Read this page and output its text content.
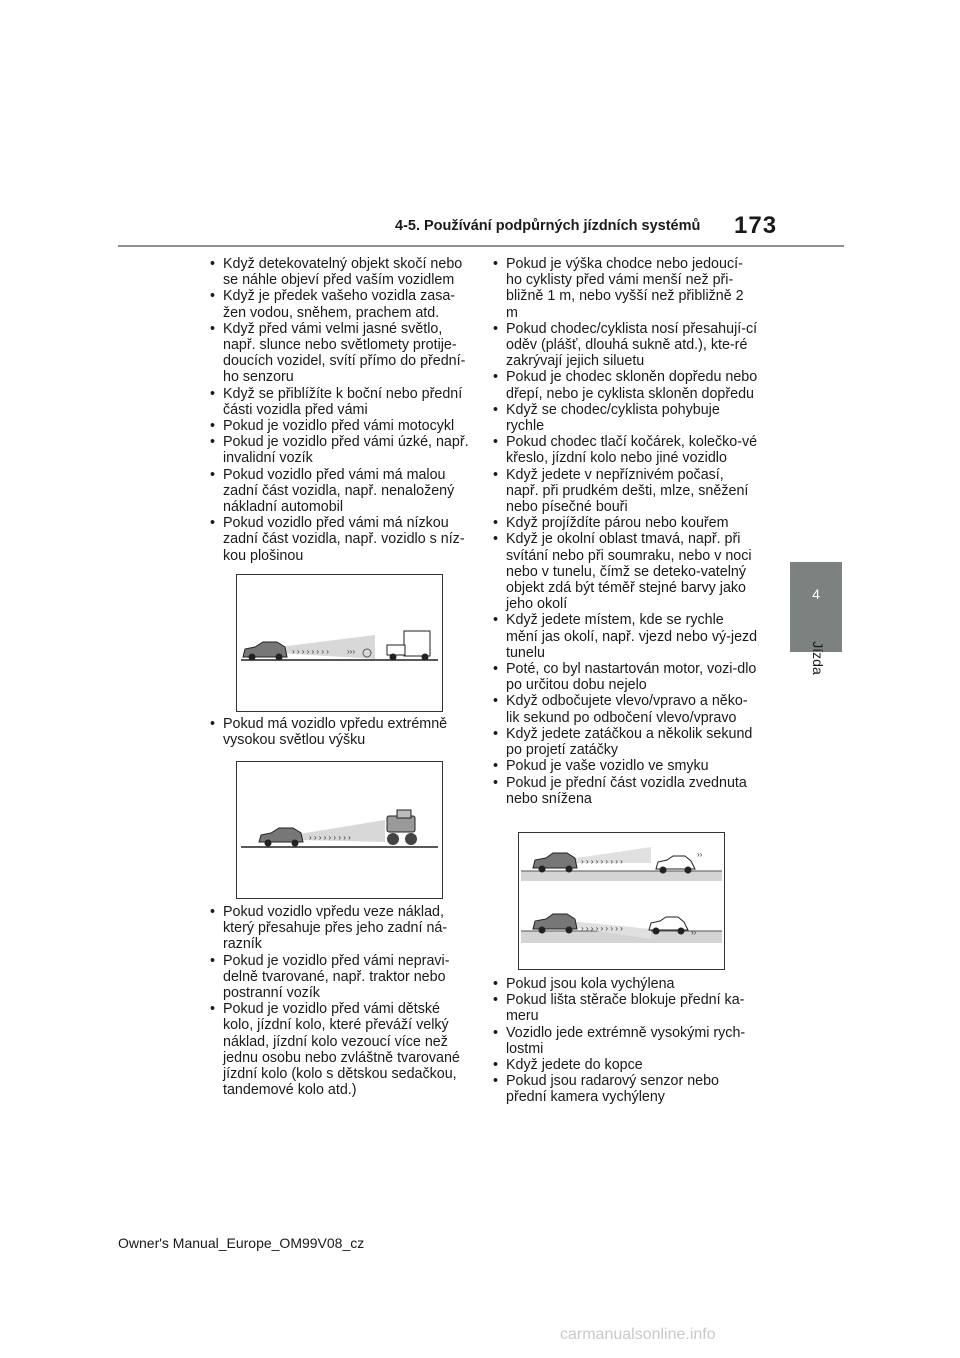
4-5. Používání podpůrných jízdních systémů 173
4
Jízda
• Když detekovatelný objekt skočí nebo se náhle objeví před vaším vozidlem
• Když je předek vašeho vozidla zasa-žen vodou, sněhem, prachem atd.
• Když před vámi velmi jasné světlo, např. slunce nebo světlomety protije-doucích vozidel, svítí přímo do přední-ho senzoru
• Když se přiblížíte k boční nebo přední části vozidla před vámi
• Pokud je vozidlo před vámi motocykl
• Pokud je vozidlo před vámi úzké, např. invalidní vozík
• Pokud vozidlo před vámi má malou zadní část vozidla, např. nenaložený nákladní automobil
• Pokud vozidlo před vámi má nízkou zadní část vozidla, např. vozidlo s níz-kou plošinou
› › › › › › › › ›››
• Pokud má vozidlo vpředu extrémně vysokou světlou výšku
› › › › › › › › ›
• Pokud vozidlo vpředu veze náklad, který přesahuje přes jeho zadní ná-razník
• Pokud je vozidlo před vámi nepravi-delně tvarované, např. traktor nebo postranní vozík
• Pokud je vozidlo před vámi dětské kolo, jízdní kolo, které převáží velký náklad, jízdní kolo vezoucí více než jednu osobu nebo zvláštně tvarované jízdní kolo (kolo s dětskou sedačkou, tandemové kolo atd.)
• Pokud je výška chodce nebo jedoucí-ho cyklisty před vámi menší než při-bližně 1 m, nebo vyšší než přibližně 2 m
• Pokud chodec/cyklista nosí přesahují-cí oděv (plášť, dlouhá sukně atd.), kte-ré zakrývají jejich siluetu
• Pokud je chodec skloněn dopředu nebo dřepí, nebo je cyklista skloněn dopředu
• Když se chodec/cyklista pohybuje rychle
• Pokud chodec tlačí kočárek, kolečko-vé křeslo, jízdní kolo nebo jiné vozidlo
• Když jedete v nepříznivém počasí, např. při prudkém dešti, mlze, sněžení nebo písečné bouři
• Když projíždíte párou nebo kouřem
• Když je okolní oblast tmavá, např. při svítání nebo při soumraku, nebo v noci nebo v tunelu, čímž se deteko-vatelný objekt zdá být téměř stejné barvy jako jeho okolí
• Když jedete místem, kde se rychle mění jas okolí, např. vjezd nebo vý-jezd tunelu
• Poté, co byl nastartován motor, vozi-dlo po určitou dobu nejelo
• Když odbočujete vlevo/vpravo a něko-lik sekund po odbočení vlevo/vpravo
• Když jedete zatáčkou a několik sekund po projetí zatáčky
• Pokud je vaše vozidlo ve smyku
• Pokud je přední část vozidla zvednuta nebo snížena
› › › › › › › › ›
››
› › › › › › › › ›	››
• Pokud jsou kola vychýlena
• Pokud lišta stěrače blokuje přední ka-meru
• Vozidlo jede extrémně vysokými rych-lostmi
• Když jedete do kopce
• Pokud jsou radarový senzor nebo přední kamera vychýleny
Owner's Manual_Europe_OM99V08_cz
carmanualsonline.info
